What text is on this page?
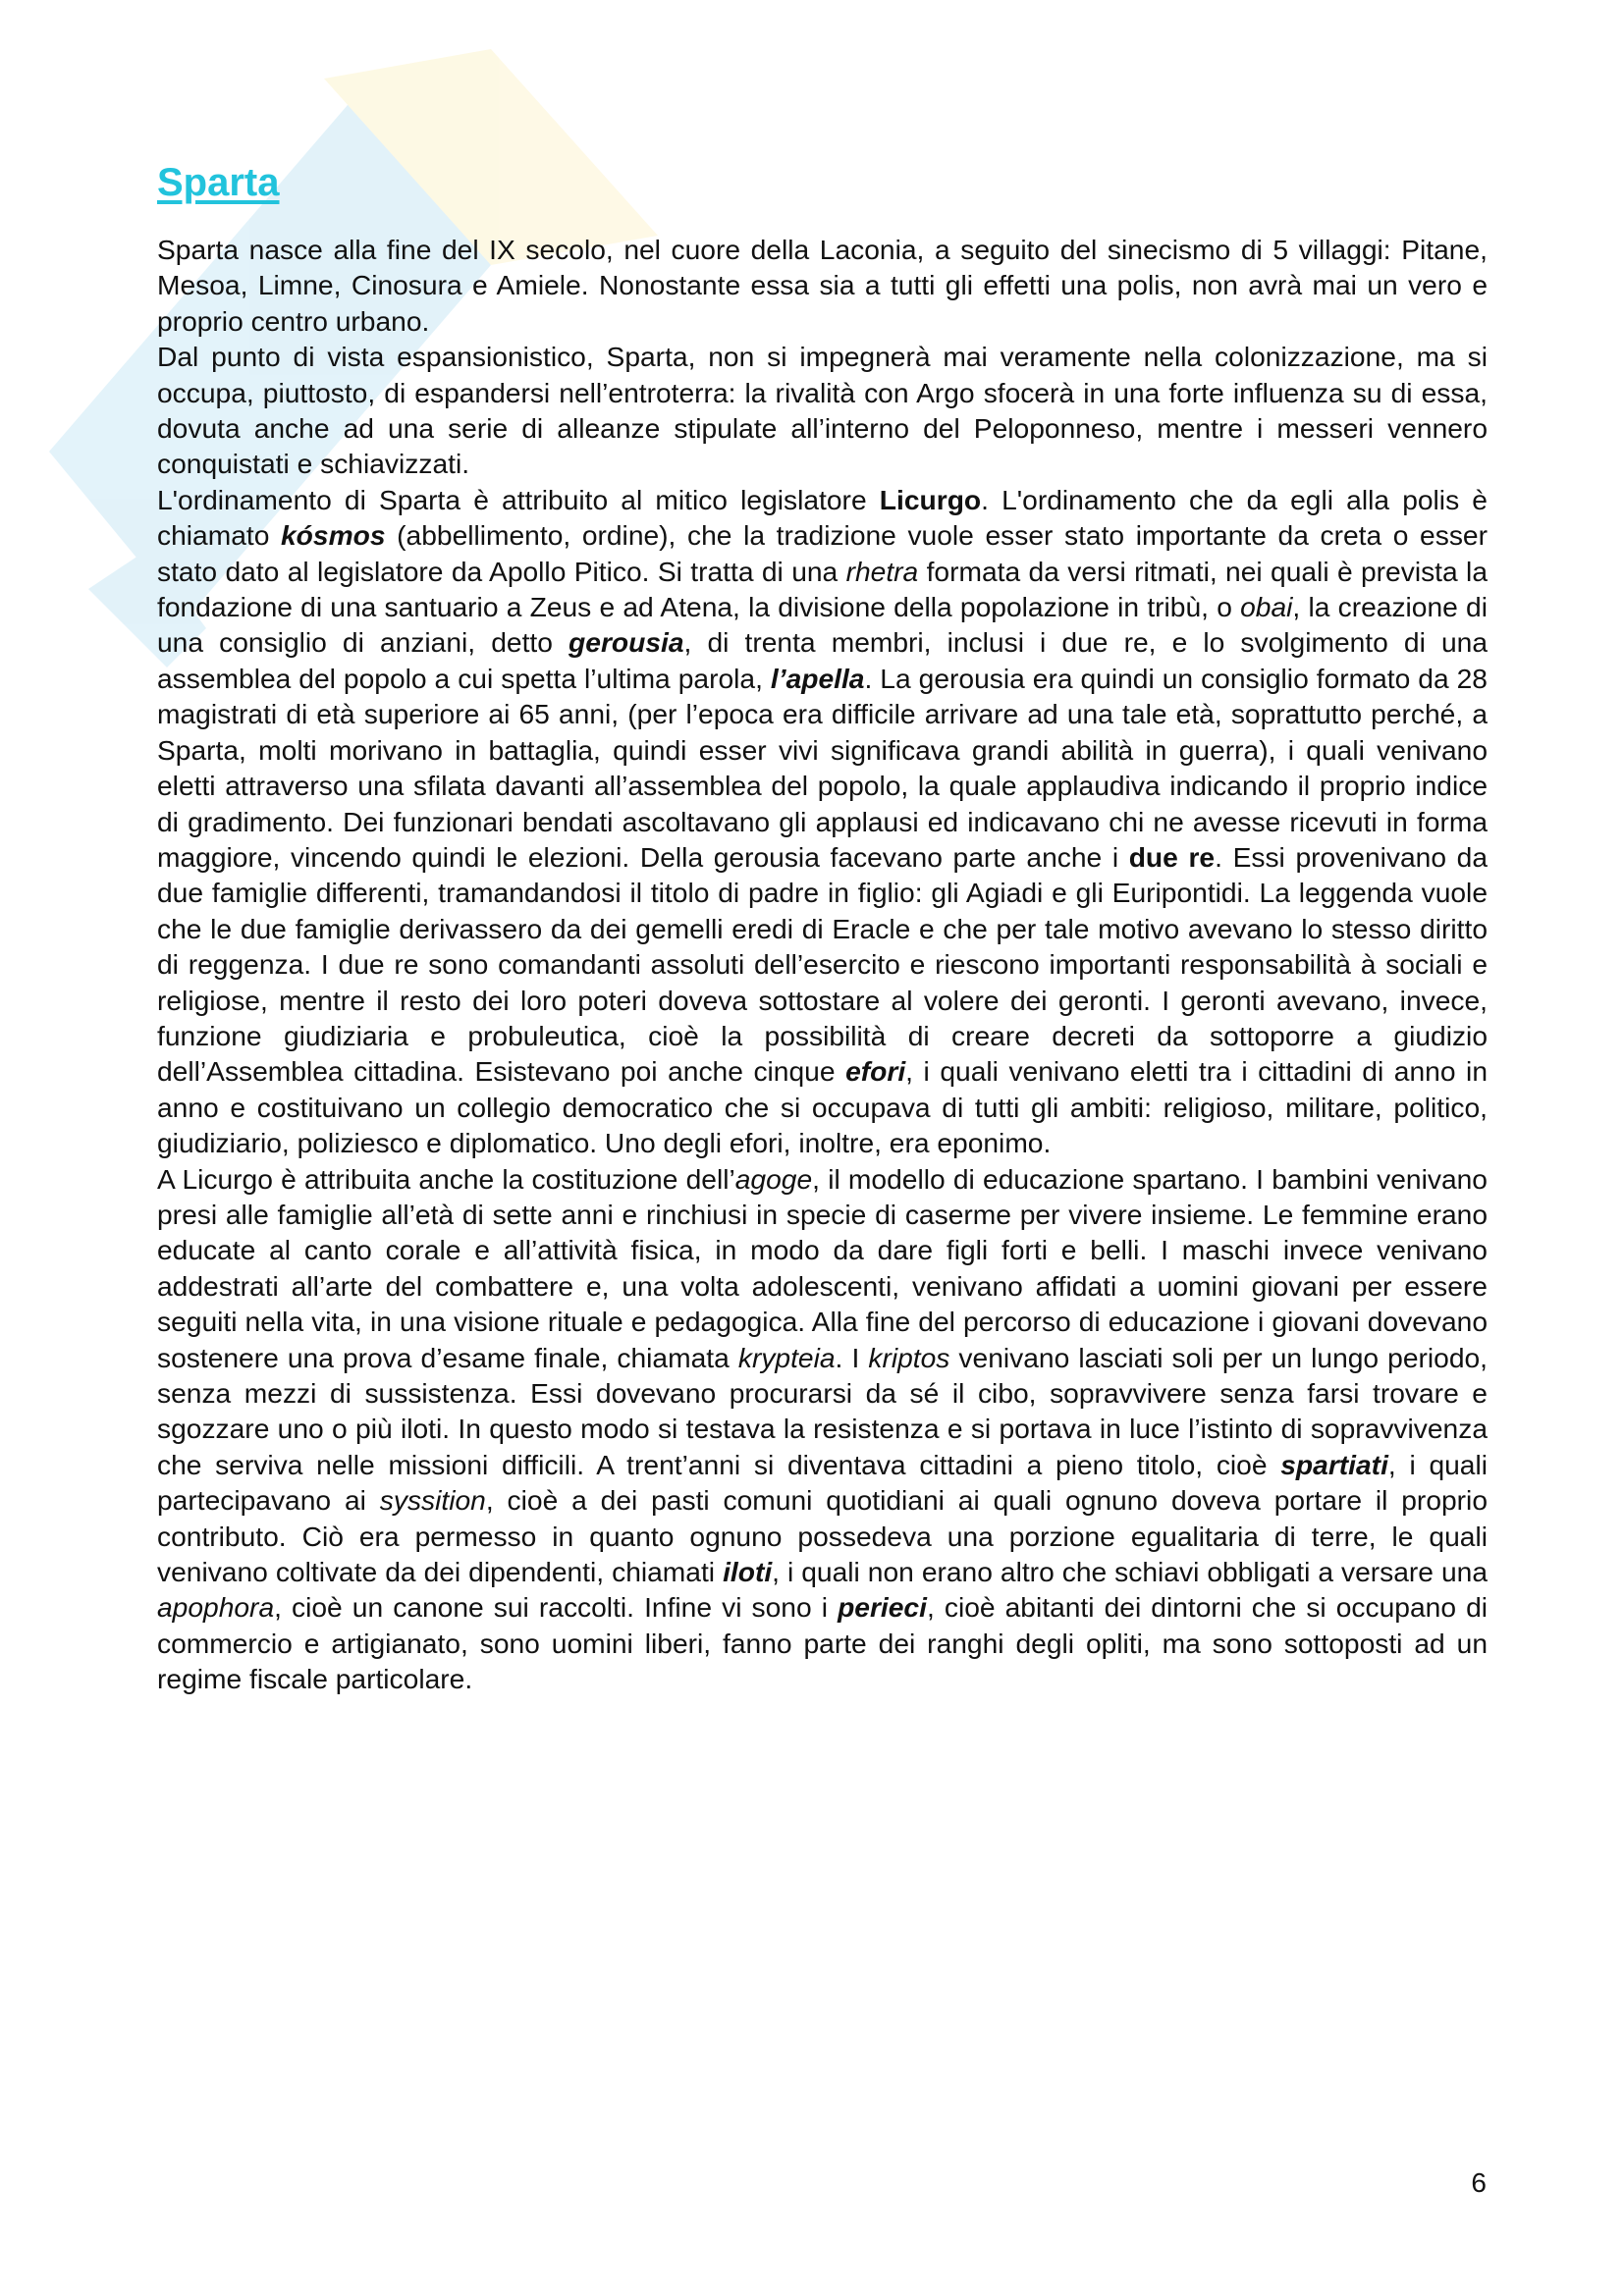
Sparta

Sparta nasce alla fine del IX secolo, nel cuore della Laconia, a seguito del sinecismo di 5 villaggi: Pitane, Mesoa, Limne, Cinosura e Amiele. Nonostante essa sia a tutti gli effetti una polis, non avrà mai un vero e proprio centro urbano.

Dal punto di vista espansionistico, Sparta, non si impegnerà mai veramente nella colonizzazione, ma si occupa, piuttosto, di espandersi nell’entroterra: la rivalità con Argo sfocerà in una forte influenza su di essa, dovuta anche ad una serie di alleanze stipulate all’interno del Peloponneso, mentre i messeri vennero conquistati e schiavizzati.

L'ordinamento di Sparta è attribuito al mitico legislatore Licurgo. L'ordinamento che da egli alla polis è chiamato kósmos (abbellimento, ordine), che la tradizione vuole esser stato importante da creta o esser stato dato al legislatore da Apollo Pitico. Si tratta di una rhetra formata da versi ritmati, nei quali è prevista la fondazione di una santuario a Zeus e ad Atena, la divisione della popolazione in tribù, o obai, la creazione di una consiglio di anziani, detto gerousia, di trenta membri, inclusi i due re, e lo svolgimento di una assemblea del popolo a cui spetta l’ultima parola, l’apella. La gerousia era quindi un consiglio formato da 28 magistrati di età superiore ai 65 anni, (per l’epoca era difficile arrivare ad una tale età, soprattutto perché, a Sparta, molti morivano in battaglia, quindi esser vivi significava grandi abilità in guerra), i quali venivano eletti attraverso una sfilata davanti all’assemblea del popolo, la quale applaudiva indicando il proprio indice di gradimento. Dei funzionari bendati ascoltavano gli applausi ed indicavano chi ne avesse ricevuti in forma maggiore, vincendo quindi le elezioni. Della gerousia facevano parte anche i due re. Essi provenivano da due famiglie differenti, tramandandosi il titolo di padre in figlio: gli Agiadi e gli Euripontidi. La leggenda vuole che le due famiglie derivassero da dei gemelli eredi di Eracle e che per tale motivo avevano lo stesso diritto di reggenza. I due re sono comandanti assoluti dell’esercito e riescono importanti responsabilità à sociali e religiose, mentre il resto dei loro poteri doveva sottostare al volere dei geronti. I geronti avevano, invece, funzione giudiziaria e probuleutica, cioè la possibilità di creare decreti da sottoporre a giudizio dell’Assemblea cittadina. Esistevano poi anche cinque efori, i quali venivano eletti tra i cittadini di anno in anno e costituivano un collegio democratico che si occupava di tutti gli ambiti: religioso, militare, politico, giudiziario, poliziesco e diplomatico. Uno degli efori, inoltre, era eponimo.

A Licurgo è attribuita anche la costituzione dell’agoge, il modello di educazione spartano. I bambini venivano presi alle famiglie all’età di sette anni e rinchiusi in specie di caserme per vivere insieme. Le femmine erano educate al canto corale e all’attività fisica, in modo da dare figli forti e belli. I maschi invece venivano addestrati all’arte del combattere e, una volta adolescenti, venivano affidati a uomini giovani per essere seguiti nella vita, in una visione rituale e pedagogica. Alla fine del percorso di educazione i giovani dovevano sostenere una prova d’esame finale, chiamata krypteia. I kriptos venivano lasciati soli per un lungo periodo, senza mezzi di sussistenza. Essi dovevano procurarsi da sé il cibo, sopravvivere senza farsi trovare e sgozzare uno o più iloti. In questo modo si testava la resistenza e si portava in luce l’istinto di sopravvivenza che serviva nelle missioni difficili. A trent’anni si diventava cittadini a pieno titolo, cioè spartiati, i quali partecipavano ai syssition, cioè a dei pasti comuni quotidiani ai quali ognuno doveva portare il proprio contributo. Ciò era permesso in quanto ognuno possedeva una porzione egualitaria di terre, le quali venivano coltivate da dei dipendenti, chiamati iloti, i quali non erano altro che schiavi obbligati a versare una apophora, cioè un canone sui raccolti. Infine vi sono i perieci, cioè abitanti dei dintorni che si occupano di commercio e artigianato, sono uomini liberi, fanno parte dei ranghi degli opliti, ma sono sottoposti ad un regime fiscale particolare.

6
